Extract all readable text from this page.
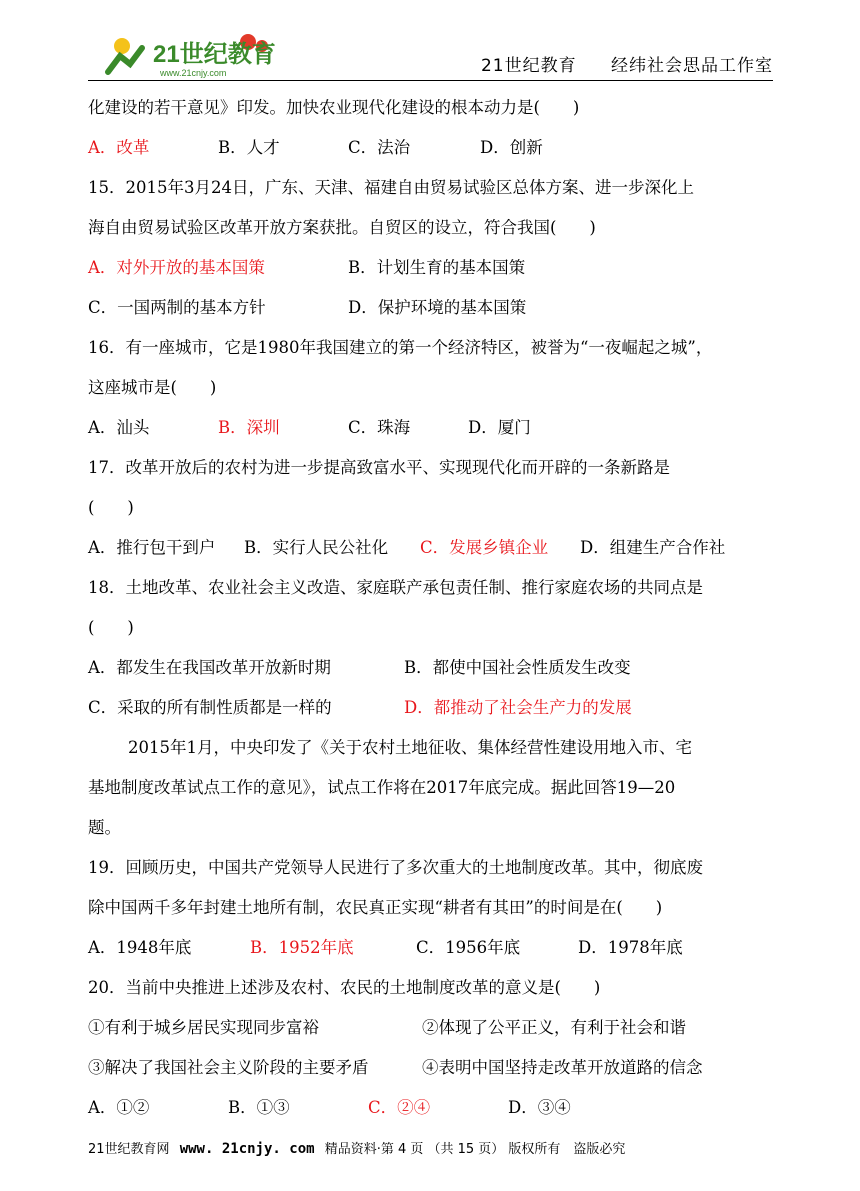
21世纪教育
www.21cnjy.com	21世纪教育 经纬社会思品工作室
化建设的若干意见》印发。加快农业现代化建设的根本动力是(　　)
A．改革	B．人才	C．法治	D．创新
15．2015年3月24日，广东、天津、福建自由贸易试验区总体方案、进一步深化上
海自由贸易试验区改革开放方案获批。自贸区的设立，符合我国(　　)
A．对外开放的基本国策	B．计划生育的基本国策
C．一国两制的基本方针	D．保护环境的基本国策
16．有一座城市，它是1980年我国建立的第一个经济特区，被誉为“一夜崛起之城”，
这座城市是(　　)
A．汕头	B．深圳	C．珠海	D．厦门
17．改革开放后的农村为进一步提高致富水平、实现现代化而开辟的一条新路是
(　　)
A．推行包干到户 B．实行人民公社化 C．发展乡镇企业 D．组建生产合作社
18．土地改革、农业社会主义改造、家庭联产承包责任制、推行家庭农场的共同点是
(　　)
A．都发生在我国改革开放新时期	B．都使中国社会性质发生改变
C．采取的所有制性质都是一样的	D．都推动了社会生产力的发展
2015年1月，中央印发了《关于农村土地征收、集体经营性建设用地入市、宅
基地制度改革试点工作的意见》，试点工作将在2017年底完成。据此回答19—20
题。
19．回顾历史，中国共产党领导人民进行了多次重大的土地制度改革。其中，彻底废
除中国两千多年封建土地所有制，农民真正实现“耕者有其田”的时间是在(　　)
A．1948年底	B．1952年底	C．1956年底	D．1978年底
20．当前中央推进上述涉及农村、农民的土地制度改革的意义是(　　)
①有利于城乡居民实现同步富裕	②体现了公平正义，有利于社会和谐
③解决了我国社会主义阶段的主要矛盾	④表明中国坚持走改革开放道路的信念
A．①②	B．①③	C．②④	D．③④
21世纪教育网 www. 21cnjy. com 精品资料·第 4 页 （共 15 页） 版权所有　盗版必究
